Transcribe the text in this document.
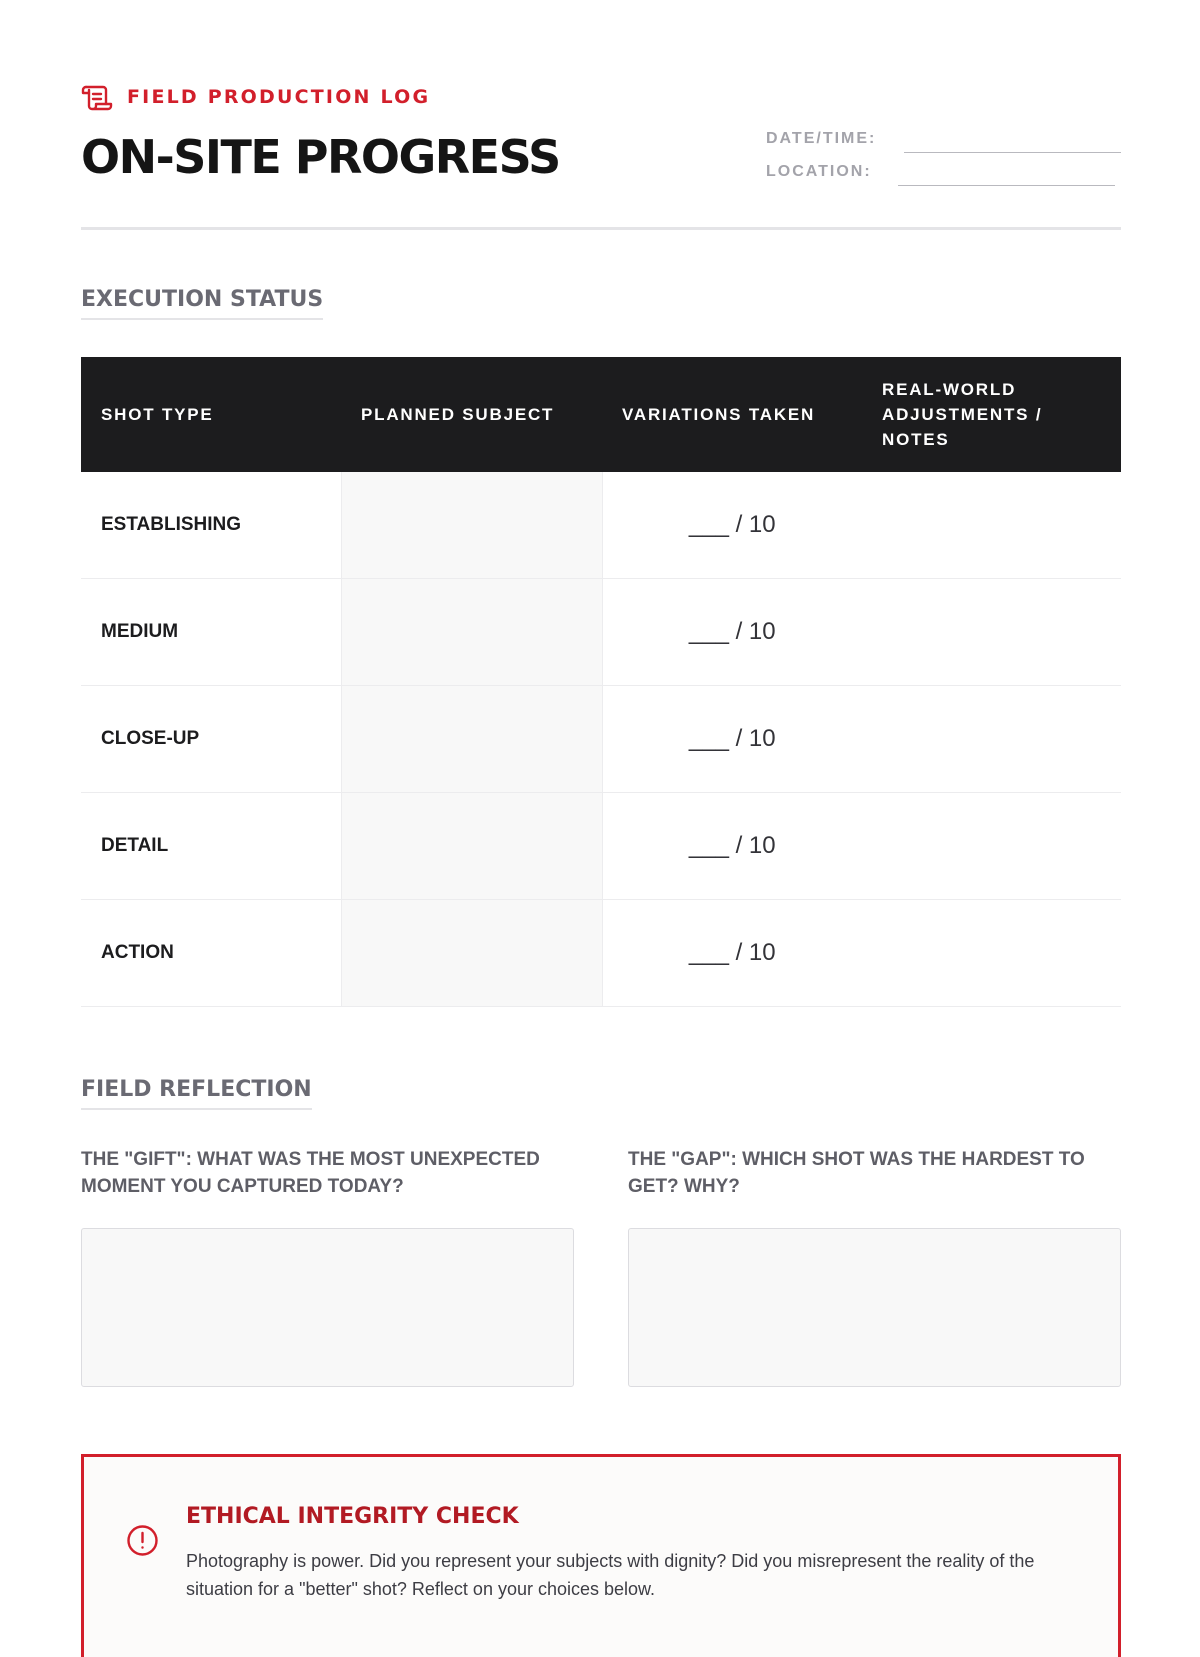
FIELD PRODUCTION LOG
ON-SITE PROGRESS	DATE/TIME:
LOCATION:
EXECUTION STATUS
SHOT TYPE	PLANNED SUBJECT	VARIATIONS TAKEN	REAL-WORLD ADJUSTMENTS / NOTES
ESTABLISHING		___ / 10	
MEDIUM		___ / 10	
CLOSE-UP		___ / 10	
DETAIL		___ / 10	
ACTION		___ / 10	
FIELD REFLECTION

THE "GIFT": WHAT WAS THE MOST UNEXPECTED MOMENT YOU CAPTURED TODAY?

THE "GAP": WHICH SHOT WAS THE HARDEST TO GET? WHY?

ETHICAL INTEGRITY CHECK

Photography is power. Did you represent your subjects with dignity? Did you misrepresent the reality of the situation for a "better" shot? Reflect on your choices below.
